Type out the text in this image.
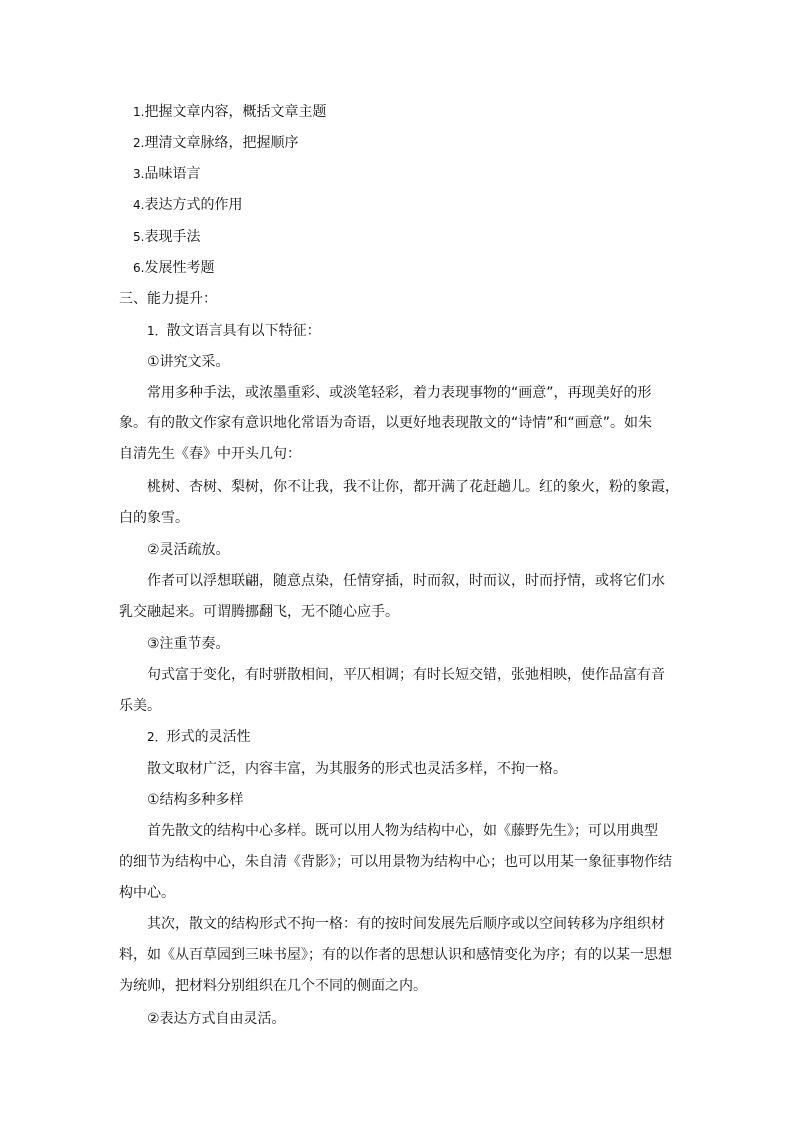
1.把握文章内容，概括文章主题
2.理清文章脉络，把握顺序
3.品味语言
4.表达方式的作用
5.表现手法
6.发展性考题
三、能力提升：
1．散文语言具有以下特征：
①讲究文采。
常用多种手法，或浓墨重彩、或淡笔轻彩，着力表现事物的“画意”，再现美好的形
象。有的散文作家有意识地化常语为奇语，以更好地表现散文的“诗情”和“画意”。如朱
自清先生《春》中开头几句：
桃树、杏树、梨树，你不让我，我不让你，都开满了花赶趟儿。红的象火，粉的象霞，
白的象雪。
②灵活疏放。
作者可以浮想联翩，随意点染，任情穿插，时而叙，时而议，时而抒情，或将它们水
乳交融起来。可谓腾挪翻飞，无不随心应手。
③注重节奏。
句式富于变化，有时骈散相间，平仄相调；有时长短交错，张弛相映，使作品富有音
乐美。
2．形式的灵活性
散文取材广泛，内容丰富，为其服务的形式也灵活多样，不拘一格。
①结构多种多样
首先散文的结构中心多样。既可以用人物为结构中心，如《藤野先生》；可以用典型
的细节为结构中心，朱自清《背影》；可以用景物为结构中心；也可以用某一象征事物作结
构中心。
其次，散文的结构形式不拘一格：有的按时间发展先后顺序或以空间转移为序组织材
料，如《从百草园到三味书屋》；有的以作者的思想认识和感情变化为序；有的以某一思想
为统帅，把材料分别组织在几个不同的侧面之内。
②表达方式自由灵活。
